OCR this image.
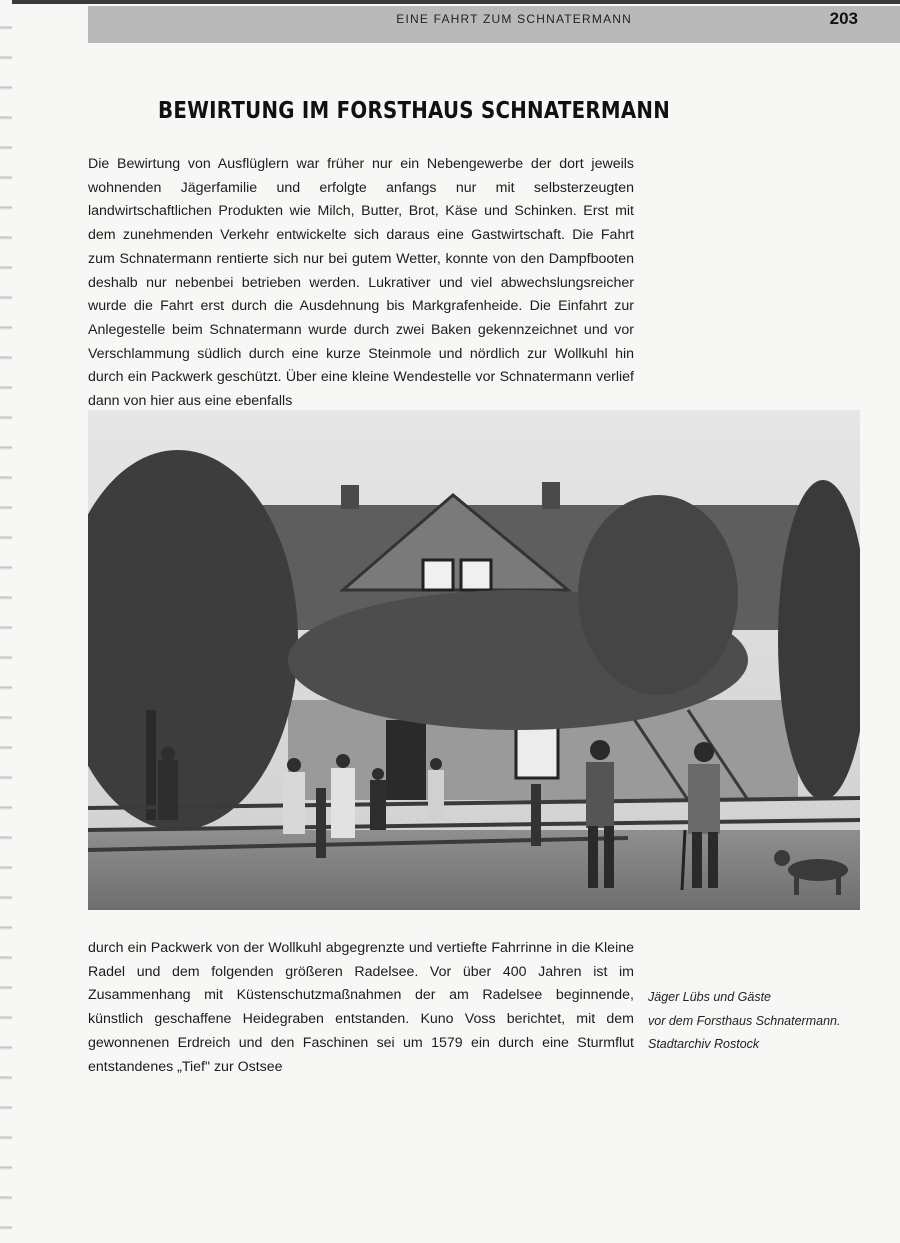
EINE FAHRT ZUM SCHNATERMANN	203
BEWIRTUNG IM FORSTHAUS SCHNATERMANN
Die Bewirtung von Ausflüglern war früher nur ein Nebengewerbe der dort jeweils wohnenden Jägerfamilie und erfolgte anfangs nur mit selbsterzeugten landwirtschaftlichen Produkten wie Milch, Butter, Brot, Käse und Schinken. Erst mit dem zunehmenden Verkehr entwickelte sich daraus eine Gastwirtschaft. Die Fahrt zum Schnatermann rentierte sich nur bei gutem Wetter, konnte von den Dampfbooten deshalb nur nebenbei betrieben werden. Lukrativer und viel abwechslungsreicher wurde die Fahrt erst durch die Ausdehnung bis Markgrafenheide. Die Einfahrt zur Anlegestelle beim Schnatermann wurde durch zwei Baken gekennzeichnet und vor Verschlammung südlich durch eine kurze Steinmole und nördlich zur Wollkuhl hin durch ein Packwerk geschützt. Über eine kleine Wendestelle vor Schnatermann verlief dann von hier aus eine ebenfalls
durch ein Packwerk von der Wollkuhl abgegrenzte und vertiefte Fahrrinne in die Kleine Radel und dem folgenden größeren Radelsee. Vor über 400 Jahren ist im Zusammenhang mit Küstenschutzmaßnahmen der am Radelsee beginnende, künstlich geschaffene Heidegraben entstanden. Kuno Voss berichtet, mit dem gewonnenen Erdreich und den Faschinen sei um 1579 ein durch eine Sturmflut entstandenes „Tief" zur Ostsee
Jäger Lübs und Gäste
vor dem Forsthaus Schnatermann.
Stadtarchiv Rostock
